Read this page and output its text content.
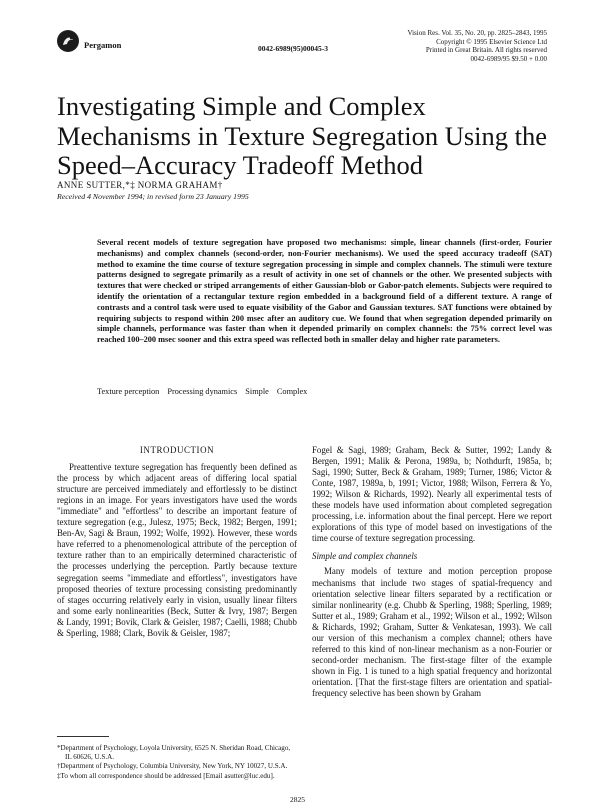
Pergamon	0042-6989(95)00045-3
Vision Res. Vol. 35, No. 20, pp. 2825–2843, 1995
Copyright © 1995 Elsevier Science Ltd
Printed in Great Britain. All rights reserved
0042-6989/95 $9.50 + 0.00
Investigating Simple and Complex Mechanisms in Texture Segregation Using the Speed–Accuracy Tradeoff Method
ANNE SUTTER,*‡ NORMA GRAHAM†
Received 4 November 1994; in revised form 23 January 1995
Several recent models of texture segregation have proposed two mechanisms: simple, linear channels (first-order, Fourier mechanisms) and complex channels (second-order, non-Fourier mechanisms). We used the speed accuracy tradeoff (SAT) method to examine the time course of texture segregation processing in simple and complex channels. The stimuli were texture patterns designed to segregate primarily as a result of activity in one set of channels or the other. We presented subjects with textures that were checked or striped arrangements of either Gaussian-blob or Gabor-patch elements. Subjects were required to identify the orientation of a rectangular texture region embedded in a background field of a different texture. A range of contrasts and a control task were used to equate visibility of the Gabor and Gaussian textures. SAT functions were obtained by requiring subjects to respond within 200 msec after an auditory cue. We found that when segregation depended primarily on simple channels, performance was faster than when it depended primarily on complex channels: the 75% correct level was reached 100–200 msec sooner and this extra speed was reflected both in smaller delay and higher rate parameters.
Texture perception Processing dynamics Simple Complex
INTRODUCTION

Preattentive texture segregation has frequently been defined as the process by which adjacent areas of differing local spatial structure are perceived immediately and effortlessly to be distinct regions in an image. For years investigators have used the words "immediate" and "effortless" to describe an important feature of texture segregation (e.g., Julesz, 1975; Beck, 1982; Bergen, 1991; Ben-Av, Sagi & Braun, 1992; Wolfe, 1992). However, these words have referred to a phenomenological attribute of the perception of texture rather than to an empirically determined characteristic of the processes underlying the perception. Partly because texture segregation seems "immediate and effortless", investigators have proposed theories of texture processing consisting predominantly of stages occurring relatively early in vision, usually linear filters and some early nonlinearities (Beck, Sutter & Ivry, 1987; Bergen & Landy, 1991; Bovik, Clark & Geisler, 1987; Caelli, 1988; Chubb & Sperling, 1988; Clark, Bovik & Geisler, 1987;

Fogel & Sagi, 1989; Graham, Beck & Sutter, 1992; Landy & Bergen, 1991; Malik & Perona, 1989a, b; Nothdurft, 1985a, b; Sagi, 1990; Sutter, Beck & Graham, 1989; Turner, 1986; Victor & Conte, 1987, 1989a, b, 1991; Victor, 1988; Wilson, Ferrera & Yo, 1992; Wilson & Richards, 1992). Nearly all experimental tests of these models have used information about completed segregation processing, i.e. information about the final percept. Here we report explorations of this type of model based on investigations of the time course of texture segregation processing.

Simple and complex channels

Many models of texture and motion perception propose mechanisms that include two stages of spatial-frequency and orientation selective linear filters separated by a rectification or similar nonlinearity (e.g. Chubb & Sperling, 1988; Sperling, 1989; Sutter et al., 1989; Graham et al., 1992; Wilson et al., 1992; Wilson & Richards, 1992; Graham, Sutter & Venkatesan, 1993). We call our version of this mechanism a complex channel; others have referred to this kind of non-linear mechanism as a non-Fourier or second-order mechanism. The first-stage filter of the example shown in Fig. 1 is tuned to a high spatial frequency and horizontal orientation. [That the first-stage filters are orientation and spatial-frequency selective has been shown by Graham

*Department of Psychology, Loyola University, 6525 N. Sheridan Road, Chicago, IL 60626, U.S.A.

†Department of Psychology, Columbia University, New York, NY 10027, U.S.A.

‡To whom all correspondence should be addressed [Email asutter@luc.edu].

2825
